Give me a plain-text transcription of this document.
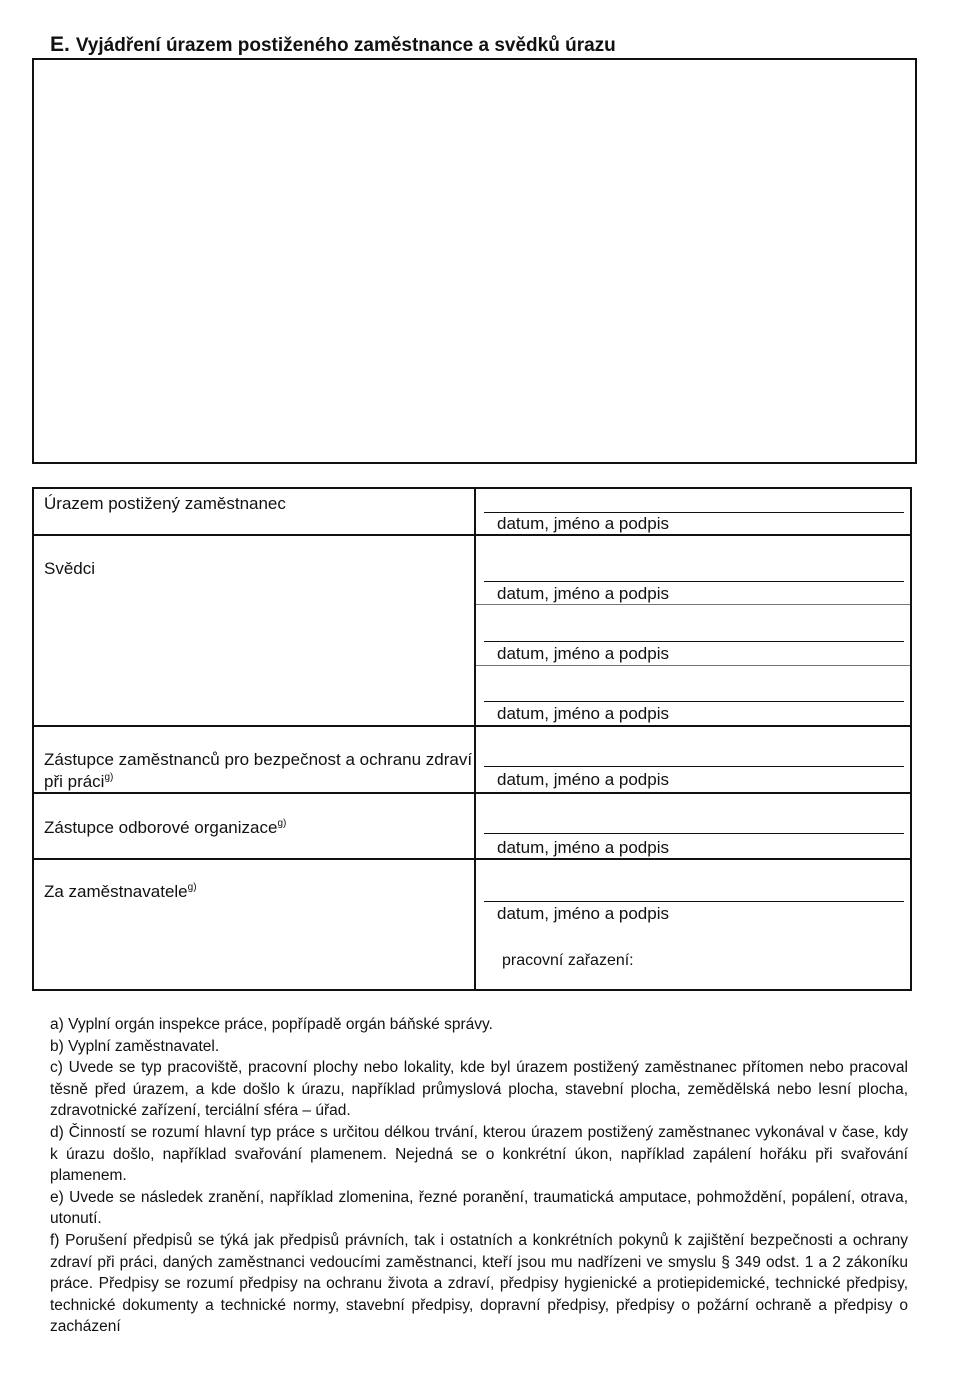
E. Vyjádření úrazem postiženého zaměstnance a svědků úrazu
Úrazem postižený zaměstnanec
Svědci
Zástupce zaměstnanců pro bezpečnost a ochranu zdraví při práci$^{g)}$
Zástupce odborové organizace$^{g)}$
Za zaměstnavatele$^{g)}$
datum, jméno a podpis
datum, jméno a podpis
datum, jméno a podpis
datum, jméno a podpis
datum, jméno a podpis
datum, jméno a podpis
datum, jméno a podpis
pracovní zařazení:

a) Vyplní orgán inspekce práce, popřípadě orgán báňské správy.

b) Vyplní zaměstnavatel.

c) Uvede se typ pracoviště, pracovní plochy nebo lokality, kde byl úrazem postižený zaměstnanec přítomen nebo pracoval těsně před úrazem, a kde došlo k úrazu, například průmyslová plocha, stavební plocha, zemědělská nebo lesní plocha, zdravotnické zařízení, terciální sféra – úřad.

d) Činností se rozumí hlavní typ práce s určitou délkou trvání, kterou úrazem postižený zaměstnanec vykonával v čase, kdy k úrazu došlo, například svařování plamenem. Nejedná se o konkrétní úkon, například zapálení hořáku při svařování plamenem.

e) Uvede se následek zranění, například zlomenina, řezné poranění, traumatická amputace, pohmoždění, popálení, otrava, utonutí.

f) Porušení předpisů se týká jak předpisů právních, tak i ostatních a konkrétních pokynů k zajištění bezpečnosti a ochrany zdraví při práci, daných zaměstnanci vedoucími zaměstnanci, kteří jsou mu nadřízeni ve smyslu § 349 odst. 1 a 2 zákoníku práce. Předpisy se rozumí předpisy na ochranu života a zdraví, předpisy hygienické a protiepidemické, technické předpisy, technické dokumenty a technické normy, stavební předpisy, dopravní předpisy, předpisy o požární ochraně a předpisy o zacházení
